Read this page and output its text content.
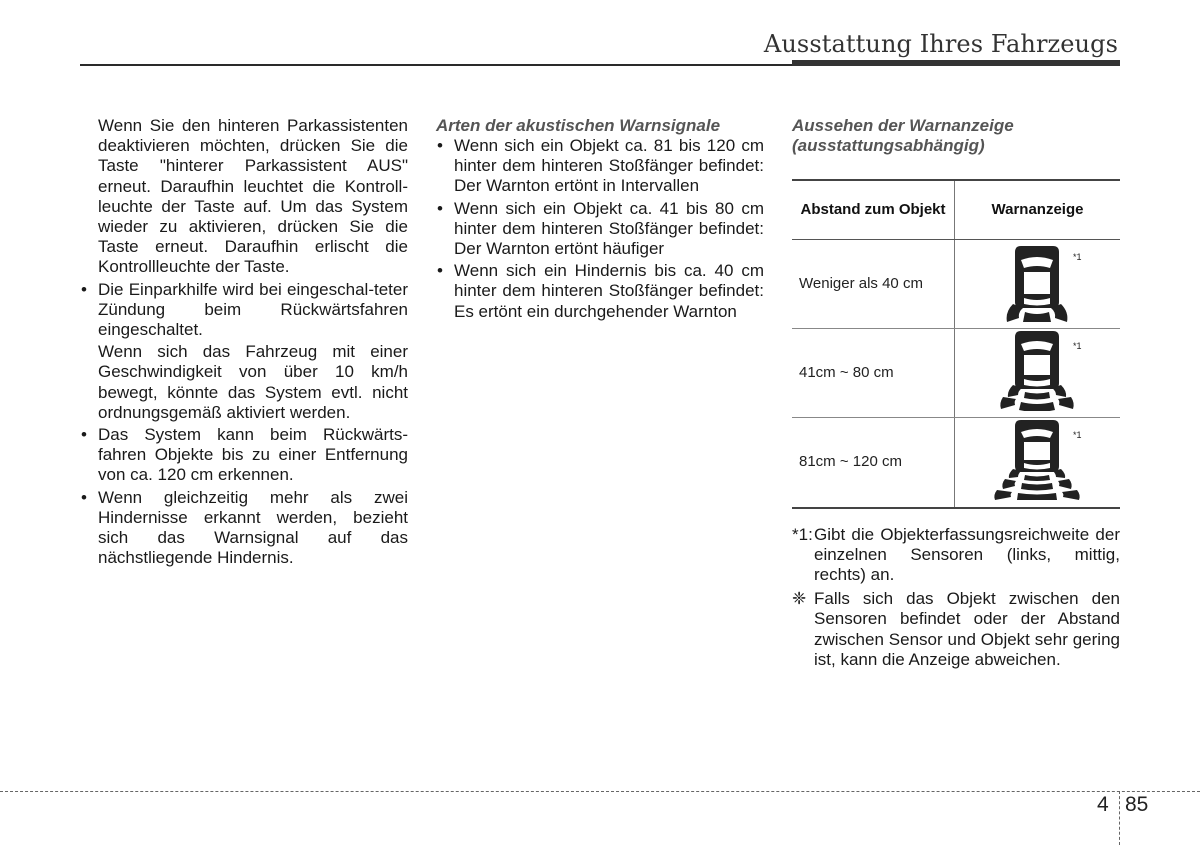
Ausstattung Ihres Fahrzeugs

Wenn Sie den hinteren Parkassistenten deaktivieren möchten, drücken Sie die Taste "hinterer Parkassistent AUS" erneut. Daraufhin leuchtet die Kontroll-leuchte der Taste auf. Um das System wieder zu aktivieren, drücken Sie die Taste erneut. Daraufhin erlischt die Kontrollleuchte der Taste.

• Die Einparkhilfe wird bei eingeschal-teter Zündung beim Rückwärtsfahren eingeschaltet.

Wenn sich das Fahrzeug mit einer Geschwindigkeit von über 10 km/h bewegt, könnte das System evtl. nicht ordnungsgemäß aktiviert werden.

• Das System kann beim Rückwärts-fahren Objekte bis zu einer Entfernung von ca. 120 cm erkennen.

• Wenn gleichzeitig mehr als zwei Hindernisse erkannt werden, bezieht sich das Warnsignal auf das nächstliegende Hindernis.

Arten der akustischen Warnsignale

• Wenn sich ein Objekt ca. 81 bis 120 cm hinter dem hinteren Stoßfänger befindet: Der Warnton ertönt in Intervallen

• Wenn sich ein Objekt ca. 41 bis 80 cm hinter dem hinteren Stoßfänger befindet: Der Warnton ertönt häufiger

• Wenn sich ein Hindernis bis ca. 40 cm hinter dem hinteren Stoßfänger befindet: Es ertönt ein durchgehender Warnton

Aussehen der Warnanzeige
(ausstattungsabhängig)

Abstand zum Objekt	Warnanzeige
Weniger als 40 cm	*1

41cm ~ 80 cm	*1

81cm ~ 120 cm	*1

*1: Gibt die Objekterfassungsreichweite der einzelnen Sensoren (links, mittig, rechts) an.

❈ Falls sich das Objekt zwischen den Sensoren befindet oder der Abstand zwischen Sensor und Objekt sehr gering ist, kann die Anzeige abweichen.

4 85
